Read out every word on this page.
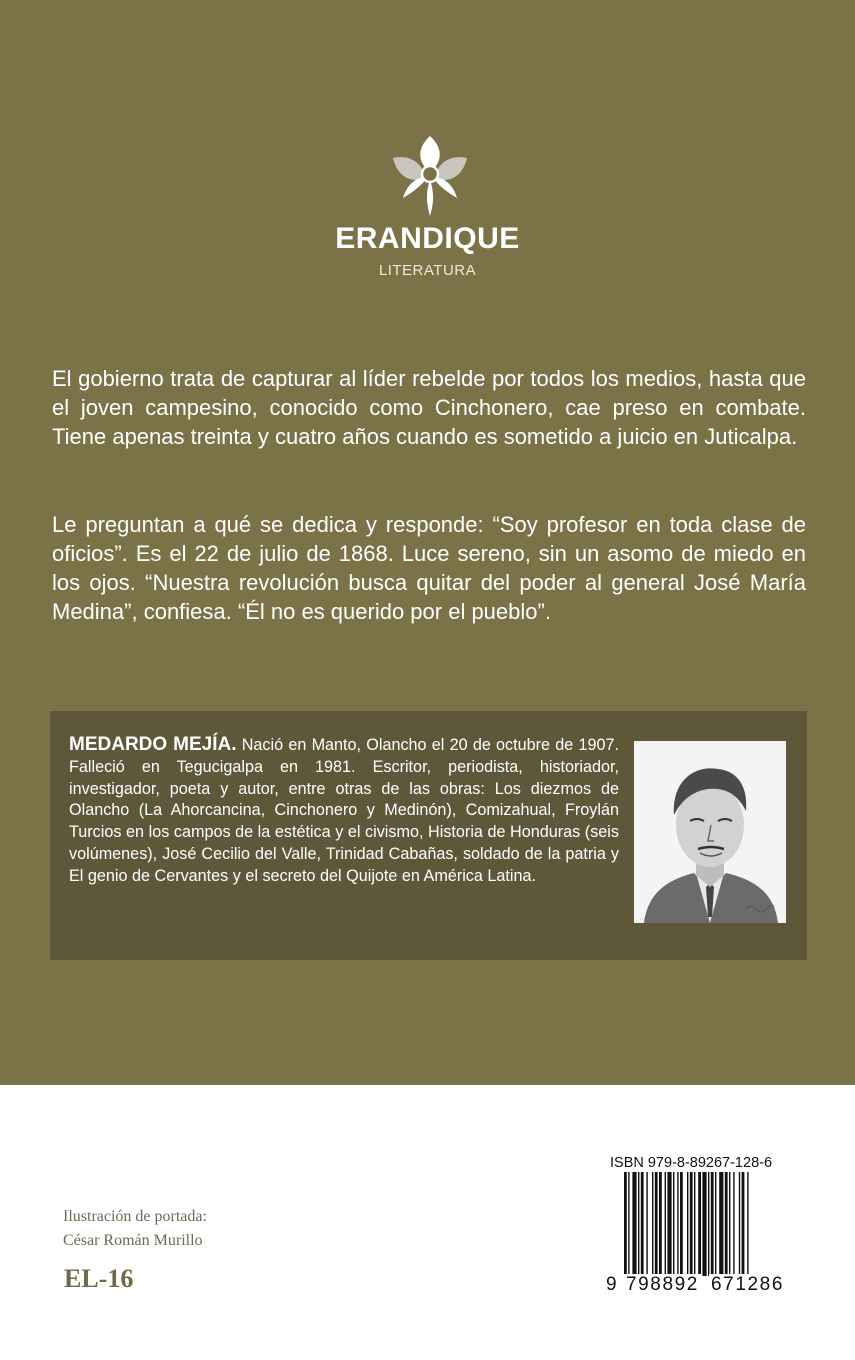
ERANDIQUE
LITERATURA

El gobierno trata de capturar al líder rebelde por todos los medios, hasta que el joven campesino, conocido como Cinchonero, cae preso en combate. Tiene apenas treinta y cuatro años cuando es sometido a juicio en Juticalpa.

Le preguntan a qué se dedica y responde: “Soy profesor en toda clase de oficios”. Es el 22 de julio de 1868. Luce sereno, sin un asomo de miedo en los ojos. “Nuestra revolución busca quitar del poder al general José María Medina”, confiesa. “Él no es querido por el pueblo”.

MEDARDO MEJÍA. Nació en Manto, Olancho el 20 de octubre de 1907. Falleció en Tegucigalpa en 1981. Escritor, periodista, historiador, investigador, poeta y autor, entre otras de las obras: Los diezmos de Olancho (La Ahorcancina, Cinchonero y Medinón), Comizahual, Froylán Turcios en los campos de la estética y el civismo, Historia de Honduras (seis volúmenes), José Cecilio del Valle, Trinidad Cabañas, soldado de la patria y El genio de Cervantes y el secreto del Quijote en América Latina.

Ilustración de portada:
César Román Murillo
EL-16
ISBN 979-8-89267-128-6
9 798892 671286
